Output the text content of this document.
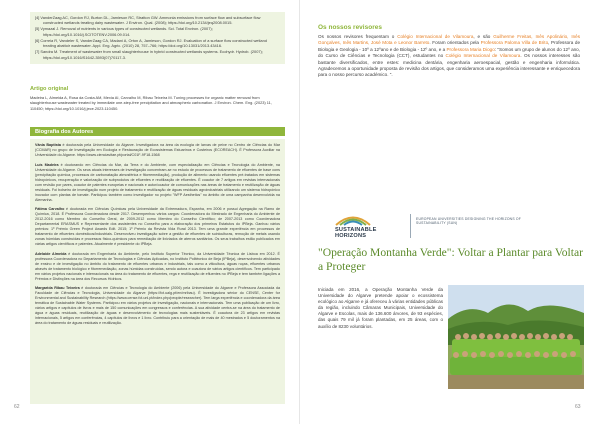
[4] VanderZaag AC, Gordon RJ, Burton DL, Jamieson RC, Stratton GW. Ammonia emissions from surface flow and subsurface flow constructed wetlands treating dairy wastewater. J Environ. Qual. (2008); https://doi.org/10.2134/jeq2008.0015.
[5] Vymazal J. Removal of nutrients in various types of constructed wetlands. Sci. Total Environ. (2007); https://doi.org/10.1016/j.SCITOTENV.2006.09.014.
[6] Correia R, Vandeler S, VanderZaag CA, Madani A, Orton A, Jamieson, Gordon RJ. Evaluation of a surface flow constructed wetland treating abattoir wastewater. Appl. Eng. Agric. (2010) 28, 757–766; https://doi.org/10.13031/2013.43416.
[7] Sandra M. Treatment of wastewater from small slaughterhouse in hybrid constructed wetlands systems. Ecohydr. Hydrob. (2007); https://doi.org/10.1016/S1642-3593(07)70117-3.
Artigo original
Madeira L, Almeida A, Rosa da Costa AM, Mexia AI, Carvalho M, Ribau Teixeira M. Tuning processes for organic matter removal from slaughterhouse wastewater treated by immediate one-step-free precipitation and atmospheric carbonation. J Environ. Chem. Eng. (2023) 11, 110450; https://doi.org/10.1016/j.jece.2023.110450.
Biografia dos Autores
Vânia Baptista é doutorada pela Universidade do Algarve. Investigadora na área da ecologia de larvas de peixe no Centro de Ciências do Mar (CCMAR) no grupo de Investigação em Ecologia e Restauração de Ecossistemas Estuarinos e Costeiros (ECOREACH). É Professora Auxiliar na Universidade do Algarve. https://www.cienciavitae.pt/portal/C01F-9F18-1568
Luís Madeira é doutorando em Ciências do Mar, da Terra e do Ambiente, com especialização em Ciências e Tecnologia do Ambiente, na Universidade do Algarve. Os seus atuais interesses de investigação concentram-se no estudo de processos de tratamento de efluentes de base cons (precipitação química, processos de carbonatação atmosférica e fitorremediação), produção de alimento usando efluentes pré-tratados em sistemas hidropónicos, recuperação e valorização de subprodutos de efluentes e reutilização de efluentes. É coautor de 7 artigos em revistas internacionais com revisão por pares, coautor de patentes europeias e nacionais e autor/coautor de comunicações nas áreas de tratamento e reutilização de águas residuais. Foi bolseiro de investigação num projeto de tratamento e reutilização de águas residuais agroindustriais utilizando um sistema hidropónico inovador com plantas de tomate. Participou também como investigador no projeto "WFP Aesthetics" no âmbito de uma campanha desenvolvida na Alemanha.
Fátima Carvalho é doutorada em Ciências Químicas pela Universidade da Extremadura, Espanha, em 2006 e possui Agregação na Ramo de Química, 2018. É Professora Coordenadora desde 2017. Desempenhou vários cargos: Coordenadora do Mestrado de Engenharia do Ambiente de 2012-2016 como Membro do Conselho Geral, de 2009-2012 como Membro do Conselho Científico; de 2007-2013 como Coordenadora Departamental ERASMUS e Representante dos assistentes no Conselho para a elaboração dos primeiros Estatutos do IPBeja. Ganhou vários prémios: 1º Prémio Green Project Awards Edit. 2015; 1º Prémio da Revista Vida Rural 2013. Tem uma grande experiência em processos de tratamento de efluentes domésticos/industriais. Desenvolveu investigação sobre a gestão de efluentes de suiniculturas, remoção de metais usando zonas húmidas construídas e processos físico-químicos para remediação de lixiviados de aterros sanitários. Os seus trabalhos estão publicados em várias artigos científicos e patentes. Atualmente é presidente do IPBeja.
Adelaide Almeida é doutorada em Engenharia do Ambiente, pelo Instituto Superior Técnico, da Universidade Técnica de Lisboa em 2012. É professora Coordenadora no Departamento de Tecnologias e Ciências Aplicadas, no Instituto Politécnico de Beja (IPBeja), desenvolvendo atividades de ensino e de investigação no âmbito do tratamento de efluentes urbanos e industriais, tais como a viticultura, águas ruças, efluentes urbanos através de tratamento biológico e fitorremediação, zonas húmidas construídas, sendo autora e coautora de vários artigos científicos. Tem participado em vários projetos nacionais e internacionais na área do tratamento de efluentes, rega e reutilização de efluentes no IPBeja e tem também ligações a Prémios e Distinções na área dos Recursos Hídricos.
Margarida Ribau Teixeira é doutorada em Ciências e Tecnologia do Ambiente (2006) pela Universidade do Algarve e Professora Associada da Faculdade de Ciências e Tecnologia, Universidade do Algarve (https://fct.ualg.pt/en/mribau). É investigadora sénior do CENSE, Center for Environmental and Sustainability Research (https://www.cense.fct.unl.pt/index.php/people/researcher). Tem larga experiência e coordenadora da área temática de Sustainable Water Systems. Participou em vários projetos de investigação, nacionais e internacionais. Tem uma publicação de um livro, vários artigos e capítulos de livros e mais de 150 comunicações em congressos e conferências. A sua atividade centra-se na área do tratamento de água e águas residuais, reutilização de águas e desenvolvimento de tecnologias mais sustentáveis. É coautora de 23 artigos em revistas internacionais, 5 artigos em conferências, 4 capítulos de livros e 1 livro. Contribuiu para a orientação de mais de 40 mestrados e 5 doutoramentos na área do tratamento de águas residuais e reutilização.
62
Os nossos revisores
Os nossos revisores frequentam o Colégio Internacional de Vilamoura, e são Guilherme Freitas, Inês Apolinário, Inês Gonçalves, Inês Martins, José Mota e Leonor Barreto. Foram orientados pela Professora Paloma Villa de Brito, Professora de Biologia e Geologia - 10º a 12ºano e de Biologia - 12º ano, e a Professora Maria Diogo: "Somos um grupo de alunos do 12º ano, do Curso de Ciências e Tecnologia (CCT), estudantes no Colégio Internacional de Vilamoura. Os nossos interesses são bastante diversificados, entre estes: medicina dentária, engenharia aeroespacial, gestão e engenharia informática. Agradecemos a oportunidade proposta de revisão dos artigos, que consideramos uma experiência interessante e enriquecedora para o nosso percurso académico. ".
SUSTAINABLE
HORIZONS
EUROPEAN UNIVERSITIES DESIGNING THE HORIZONS OF SUSTAINABILITY (SUN)
"Operação Montanha Verde": Voltar a Plantar para Voltar a Proteger
Iniciada em 2016, a Operação Montanha Verde da Universidade do Algarve pretende apoiar o ecossistema ecológico ao Algarve e já ofereceu à várias entidades públicas da região, incluindo Câmaras Municipais, Universidade do Algarve e Escolas, mais de 136.600 árvores, de 93 espécies, das quais 79 mil já foram plantadas, em 25 áreas, com o auxílio de 8230 voluntários.
63
